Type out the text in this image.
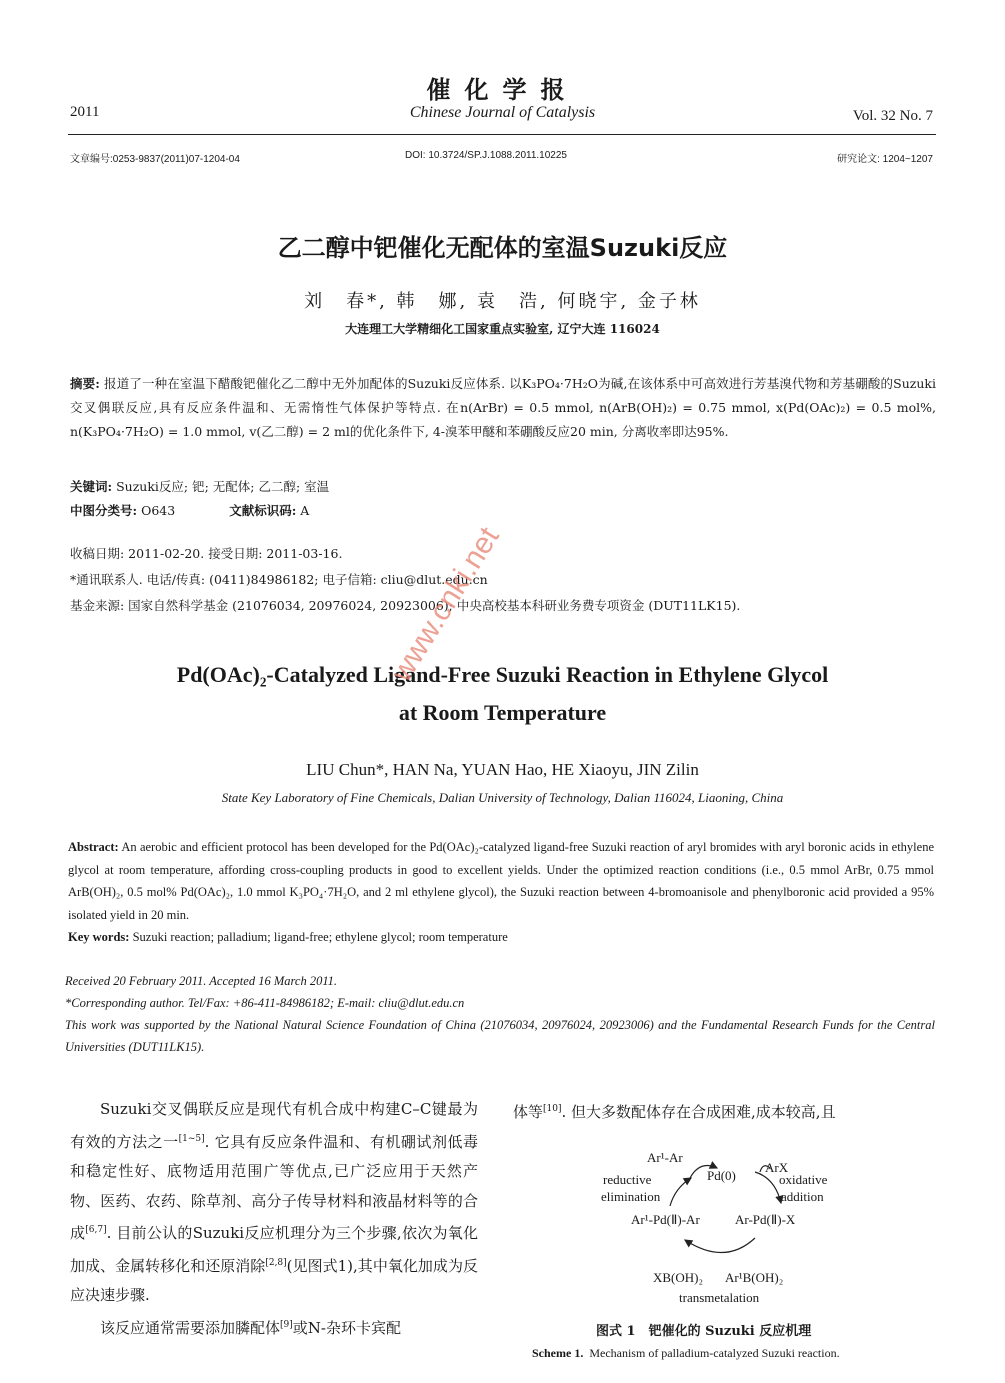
催化学报
2011	Chinese Journal of Catalysis	Vol. 32 No. 7
文章编号:0253-9837(2011)07-1204-04	DOI: 10.3724/SP.J.1088.2011.10225	研究论文: 1204~1207
乙二醇中钯催化无配体的室温Suzuki反应
刘　春*, 韩　娜, 袁　浩, 何晓宇, 金子林
大连理工大学精细化工国家重点实验室, 辽宁大连 116024
摘要: 报道了一种在室温下醋酸钯催化乙二醇中无外加配体的Suzuki反应体系. 以K₃PO₄·7H₂O为碱,在该体系中可高效进行芳基溴代物和芳基硼酸的Suzuki交叉偶联反应,具有反应条件温和、无需惰性气体保护等特点. 在n(ArBr) = 0.5 mmol, n(ArB(OH)₂) = 0.75 mmol, x(Pd(OAc)₂) = 0.5 mol%, n(K₃PO₄·7H₂O) = 1.0 mmol, v(乙二醇) = 2 ml的优化条件下, 4-溴苯甲醚和苯硼酸反应20 min, 分离收率即达95%.
关键词: Suzuki反应; 钯; 无配体; 乙二醇; 室温
中图分类号: O643	文献标识码: A
收稿日期: 2011-02-20. 接受日期: 2011-03-16.
*通讯联系人. 电话/传真: (0411)84986182; 电子信箱: cliu@dlut.edu.cn
基金来源: 国家自然科学基金 (21076034, 20976024, 20923006); 中央高校基本科研业务费专项资金 (DUT11LK15).
Pd(OAc)₂-Catalyzed Ligand-Free Suzuki Reaction in Ethylene Glycol
at Room Temperature
LIU Chun*, HAN Na, YUAN Hao, HE Xiaoyu, JIN Zilin
State Key Laboratory of Fine Chemicals, Dalian University of Technology, Dalian 116024, Liaoning, China
Abstract: An aerobic and efficient protocol has been developed for the Pd(OAc)₂-catalyzed ligand-free Suzuki reaction of aryl bromides with aryl boronic acids in ethylene glycol at room temperature, affording cross-coupling products in good to excellent yields. Under the optimized reaction conditions (i.e., 0.5 mmol ArBr, 0.75 mmol ArB(OH)₂, 0.5 mol% Pd(OAc)₂, 1.0 mmol K₃PO₄·7H₂O, and 2 ml ethylene glycol), the Suzuki reaction between 4-bromoanisole and phenylboronic acid provided a 95% isolated yield in 20 min.
Key words: Suzuki reaction; palladium; ligand-free; ethylene glycol; room temperature
Received 20 February 2011. Accepted 16 March 2011.
*Corresponding author. Tel/Fax: +86-411-84986182; E-mail: cliu@dlut.edu.cn
This work was supported by the National Natural Science Foundation of China (21076034, 20976024, 20923006) and the Fundamental Research Funds for the Central Universities (DUT11LK15).
www.cnki.net
Suzuki交叉偶联反应是现代有机合成中构建C–C键最为有效的方法之一[1~5]. 它具有反应条件温和、有机硼试剂低毒和稳定性好、底物适用范围广等优点,已广泛应用于天然产物、医药、农药、除草剂、高分子传导材料和液晶材料等的合成[6,7]. 目前公认的Suzuki反应机理分为三个步骤,依次为氧化加成、金属转移化和还原消除[2,8](见图式1),其中氧化加成为反应决速步骤.
该反应通常需要添加膦配体[9]或N-杂环卡宾配
体等[10]. 但大多数配体存在合成困难,成本较高,且
Ar¹-Ar
Pd(0)
ArX
reductive
elimination
oxidative
addition
Ar¹-Pd(Ⅱ)-Ar	Ar-Pd(Ⅱ)-X
XB(OH)₂ Ar¹B(OH)₂
transmetalation
图式 1　钯催化的 Suzuki 反应机理
Scheme 1. Mechanism of palladium-catalyzed Suzuki reaction.
